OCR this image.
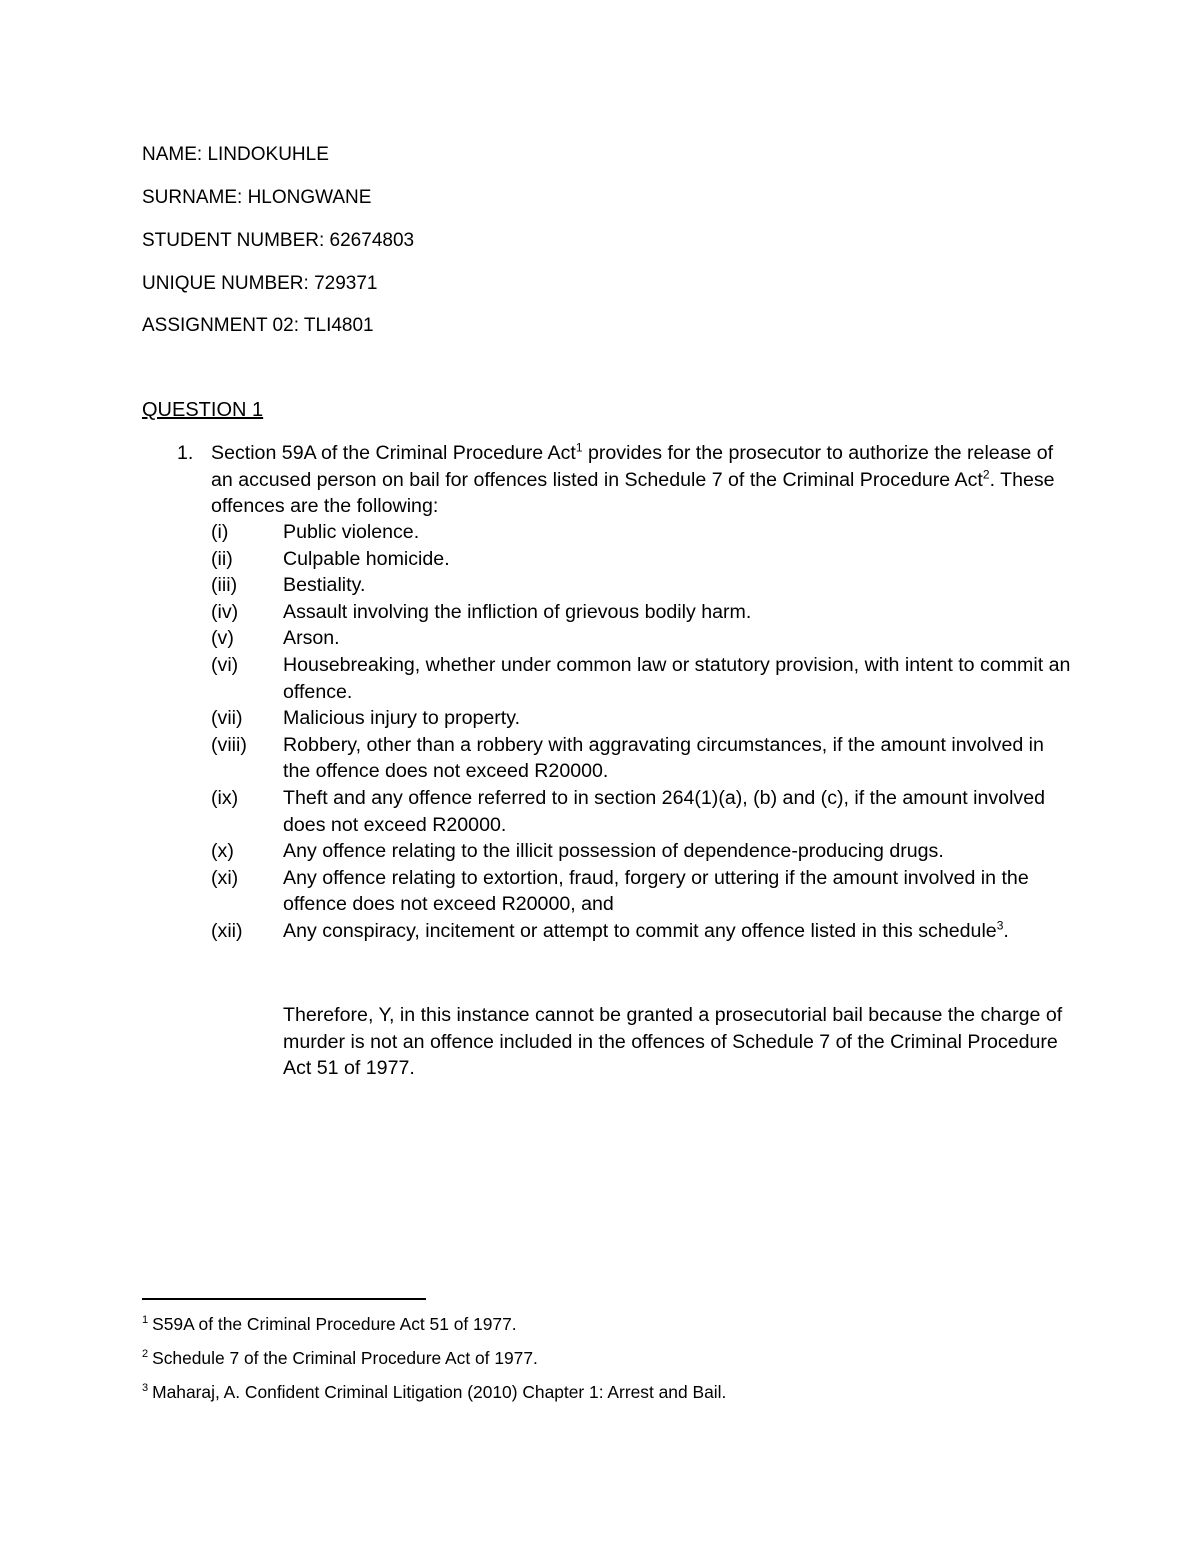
NAME: LINDOKUHLE
SURNAME: HLONGWANE
STUDENT NUMBER: 62674803
UNIQUE NUMBER: 729371
ASSIGNMENT 02: TLI4801
QUESTION 1
1. Section 59A of the Criminal Procedure Act$^1$ provides for the prosecutor to authorize the release of an accused person on bail for offences listed in Schedule 7 of the Criminal Procedure Act$^2$. These offences are the following:
(i)	Public violence.
(ii)	Culpable homicide.
(iii)	Bestiality.
(iv)	Assault involving the infliction of grievous bodily harm.
(v)	Arson.
(vi)	Housebreaking, whether under common law or statutory provision, with intent to commit an offence.
(vii)	Malicious injury to property.
(viii)	Robbery, other than a robbery with aggravating circumstances, if the amount involved in the offence does not exceed R20000.
(ix)	Theft and any offence referred to in section 264(1)(a), (b) and (c), if the amount involved does not exceed R20000.
(x)	Any offence relating to the illicit possession of dependence-producing drugs.
(xi)	Any offence relating to extortion, fraud, forgery or uttering if the amount involved in the offence does not exceed R20000, and
(xii)	Any conspiracy, incitement or attempt to commit any offence listed in this schedule$^3$.
Therefore, Y, in this instance cannot be granted a prosecutorial bail because the charge of murder is not an offence included in the offences of Schedule 7 of the Criminal Procedure Act 51 of 1977.
$^1$ S59A of the Criminal Procedure Act 51 of 1977.
$^2$ Schedule 7 of the Criminal Procedure Act of 1977.
$^3$ Maharaj, A. Confident Criminal Litigation (2010) Chapter 1: Arrest and Bail.
